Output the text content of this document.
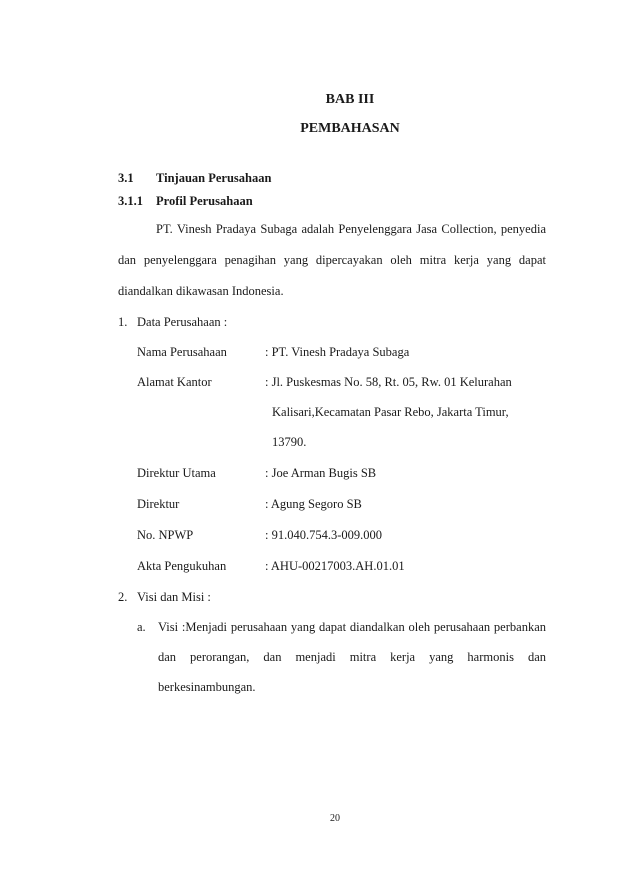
BAB III
PEMBAHASAN
3.1 Tinjauan Perusahaan
3.1.1 Profil Perusahaan
PT. Vinesh Pradaya Subaga adalah Penyelenggara Jasa Collection, penyedia
dan penyelenggara penagihan yang dipercayakan oleh mitra kerja yang dapat
diandalkan dikawasan Indonesia.
1. Data Perusahaan :
Nama Perusahaan	: PT. Vinesh Pradaya Subaga
Alamat Kantor	: Jl. Puskesmas No. 58, Rt. 05, Rw. 01 Kelurahan
Kalisari,Kecamatan Pasar Rebo, Jakarta Timur,
13790.
Direktur Utama	: Joe Arman Bugis SB
Direktur	: Agung Segoro SB
No. NPWP	: 91.040.754.3-009.000
Akta Pengukuhan	: AHU-00217003.AH.01.01
2. Visi dan Misi :
a. Visi :Menjadi perusahaan yang dapat diandalkan oleh perusahaan perbankan
dan perorangan, dan menjadi mitra kerja yang harmonis dan
berkesinambungan.
20
